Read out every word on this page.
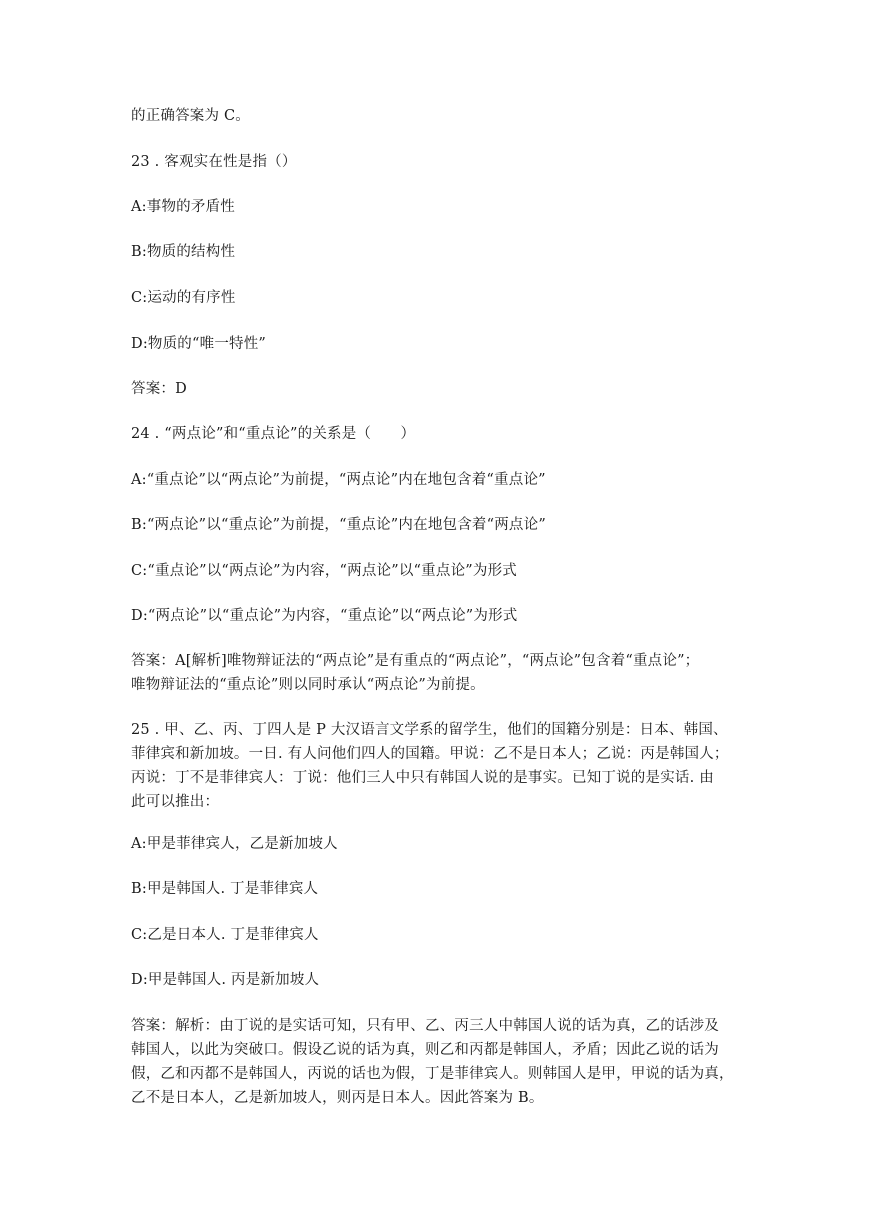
的正确答案为 C。
23 . 客观实在性是指（）
A:事物的矛盾性
B:物质的结构性
C:运动的有序性
D:物质的“唯一特性”
答案：D
24 . “两点论”和“重点论”的关系是（　　）
A:“重点论”以“两点论”为前提，“两点论”内在地包含着“重点论”
B:“两点论”以“重点论”为前提，“重点论”内在地包含着“两点论”
C:“重点论”以“两点论”为内容，“两点论”以“重点论”为形式
D:“两点论”以“重点论”为内容，“重点论”以“两点论”为形式
答案：A[解析]唯物辩证法的“两点论”是有重点的“两点论”，“两点论”包含着“重点论”；
唯物辩证法的“重点论”则以同时承认“两点论”为前提。
25 . 甲、乙、丙、丁四人是 P 大汉语言文学系的留学生，他们的国籍分别是：日本、韩国、
菲律宾和新加坡。一日. 有人问他们四人的国籍。甲说：乙不是日本人；乙说：丙是韩国人；
丙说：丁不是菲律宾人：丁说：他们三人中只有韩国人说的是事实。已知丁说的是实话. 由
此可以推出：
A:甲是菲律宾人，乙是新加坡人
B:甲是韩国人. 丁是菲律宾人
C:乙是日本人. 丁是菲律宾人
D:甲是韩国人. 丙是新加坡人
答案：解析：由丁说的是实话可知，只有甲、乙、丙三人中韩国人说的话为真，乙的话涉及
韩国人，以此为突破口。假设乙说的话为真，则乙和丙都是韩国人，矛盾；因此乙说的话为
假，乙和丙都不是韩国人，丙说的话也为假，丁是菲律宾人。则韩国人是甲，甲说的话为真，
乙不是日本人，乙是新加坡人，则丙是日本人。因此答案为 B。
